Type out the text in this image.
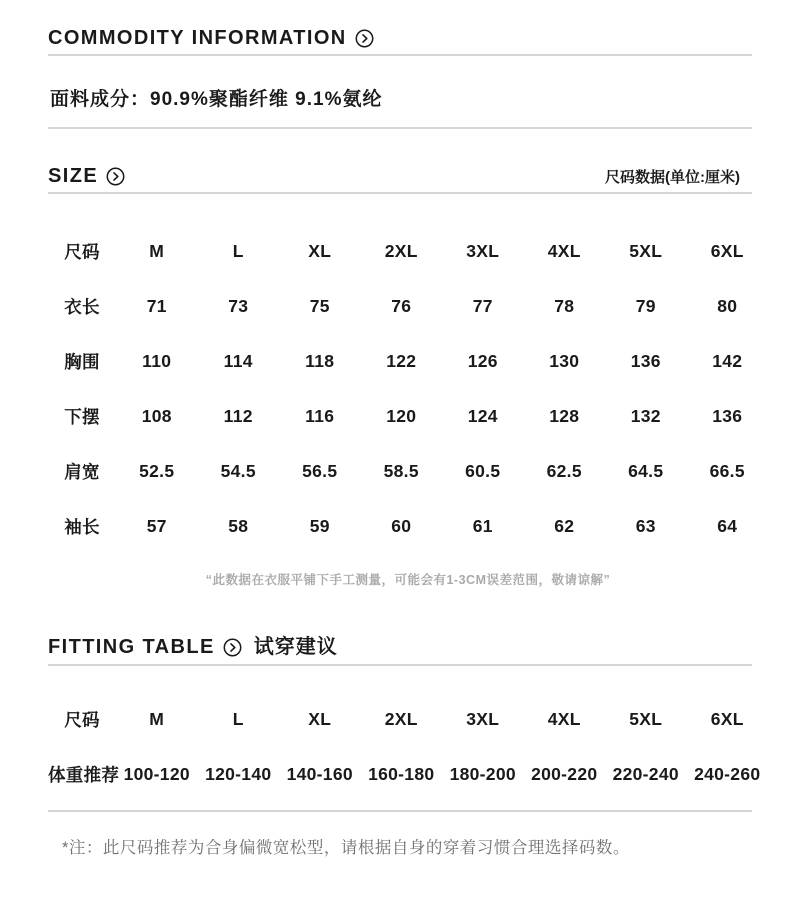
COMMODITY INFORMATION

面料成分：90.9%聚酯纤维 9.1%氨纶

SIZE	尺码数据(单位:厘米)
尺码	M	L	XL	2XL	3XL	4XL	5XL	6XL
衣长	71	73	75	76	77	78	79	80
胸围	110	114	118	122	126	130	136	142
下摆	108	112	116	120	124	128	132	136
肩宽	52.5	54.5	56.5	58.5	60.5	62.5	64.5	66.5
袖长	57	58	59	60	61	62	63	64

“此数据在衣服平铺下手工测量，可能会有1-3CM误差范围，敬请谅解”

FITTING TABLE 试穿建议
尺码	M	L	XL	2XL	3XL	4XL	5XL	6XL
体重推荐 100-120 120-140 140-160 160-180 180-200 200-220 220-240 240-260

*注：此尺码推荐为合身偏微宽松型，请根据自身的穿着习惯合理选择码数。
